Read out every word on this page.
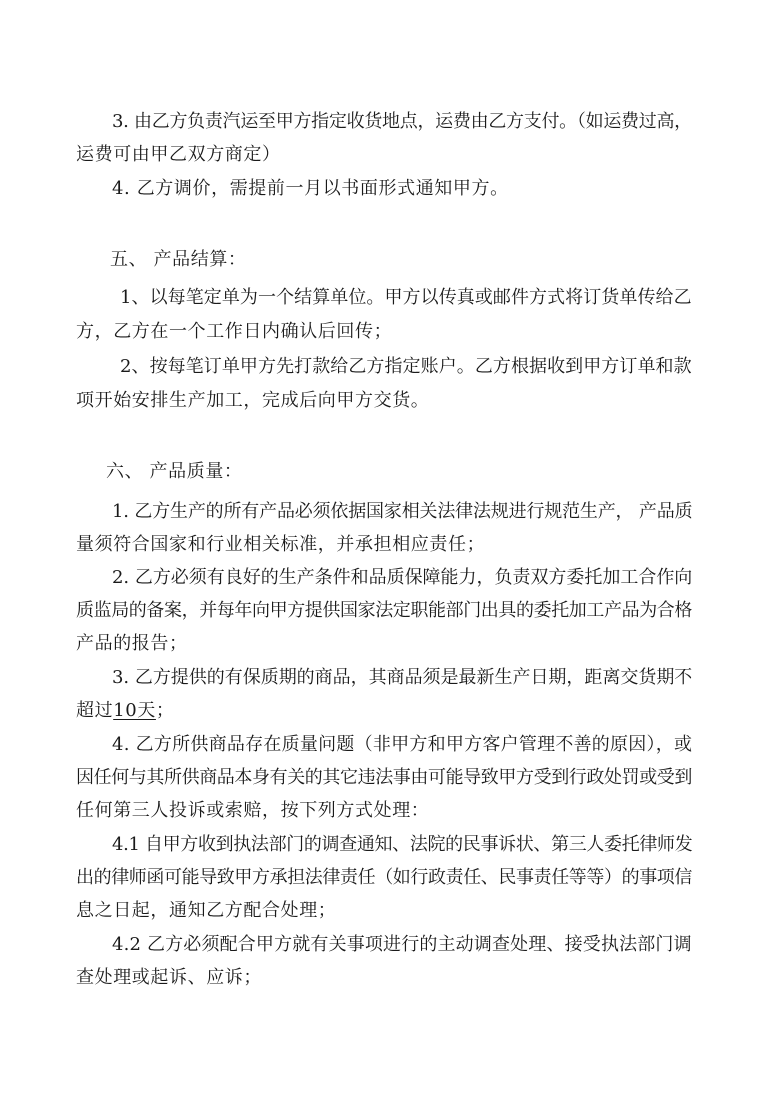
3. 由乙方负责汽运至甲方指定收货地点，运费由乙方支付。（如运费过高，
运费可由甲乙双方商定）
4. 乙方调价，需提前一月以书面形式通知甲方。
五、 产品结算：
1、以每笔定单为一个结算单位。甲方以传真或邮件方式将订货单传给乙
方，乙方在一个工作日内确认后回传；
2、按每笔订单甲方先打款给乙方指定账户。乙方根据收到甲方订单和款
项开始安排生产加工，完成后向甲方交货。
六、 产品质量：
1. 乙方生产的所有产品必须依据国家相关法律法规进行规范生产， 产品质
量须符合国家和行业相关标准，并承担相应责任；
2. 乙方必须有良好的生产条件和品质保障能力，负责双方委托加工合作向
质监局的备案，并每年向甲方提供国家法定职能部门出具的委托加工产品为合格
产品的报告；
3. 乙方提供的有保质期的商品，其商品须是最新生产日期，距离交货期不
超过10天；
4. 乙方所供商品存在质量问题（非甲方和甲方客户管理不善的原因），或
因任何与其所供商品本身有关的其它违法事由可能导致甲方受到行政处罚或受到
任何第三人投诉或索赔，按下列方式处理：
4.1 自甲方收到执法部门的调查通知、法院的民事诉状、第三人委托律师发
出的律师函可能导致甲方承担法律责任（如行政责任、民事责任等等）的事项信
息之日起，通知乙方配合处理；
4.2 乙方必须配合甲方就有关事项进行的主动调查处理、接受执法部门调
查处理或起诉、应诉；
